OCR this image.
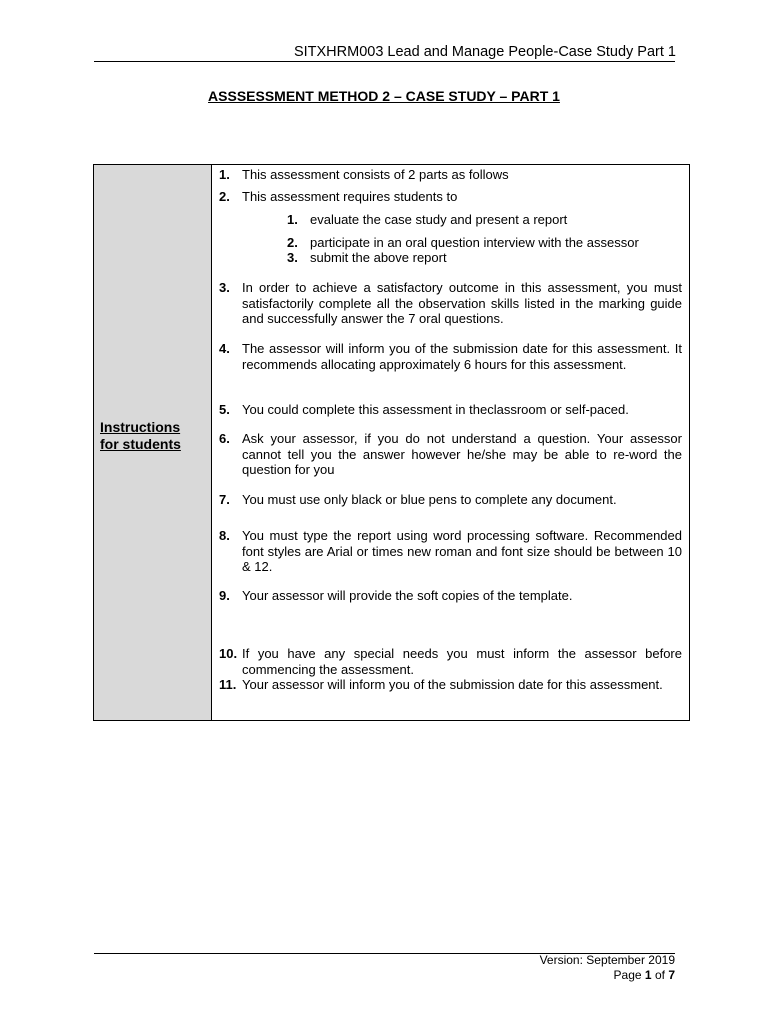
SITXHRM003 Lead and Manage People-Case Study Part 1
ASSSESSMENT METHOD 2 – CASE STUDY – PART 1
Instructions
for students
1. This assessment consists of 2 parts as follows
2. This assessment requires students to
1. evaluate the case study and present a report
2. participate in an oral question interview with the assessor
3. submit the above report
3. In order to achieve a satisfactory outcome in this assessment, you must satisfactorily complete all the observation skills listed in the marking guide and successfully answer the 7 oral questions.
4. The assessor will inform you of the submission date for this assessment. It recommends allocating approximately 6 hours for this assessment.
5. You could complete this assessment in theclassroom or self-paced.
6. Ask your assessor, if you do not understand a question. Your assessor cannot tell you the answer however he/she may be able to re-word the question for you
7. You must use only black or blue pens to complete any document.
8. You must type the report using word processing software. Recommended font styles are Arial or times new roman and font size should be between 10 & 12.
9. Your assessor will provide the soft copies of the template.
10. If you have any special needs you must inform the assessor before commencing the assessment.
11. Your assessor will inform you of the submission date for this assessment.
Version: September 2019
Page 1 of 7
